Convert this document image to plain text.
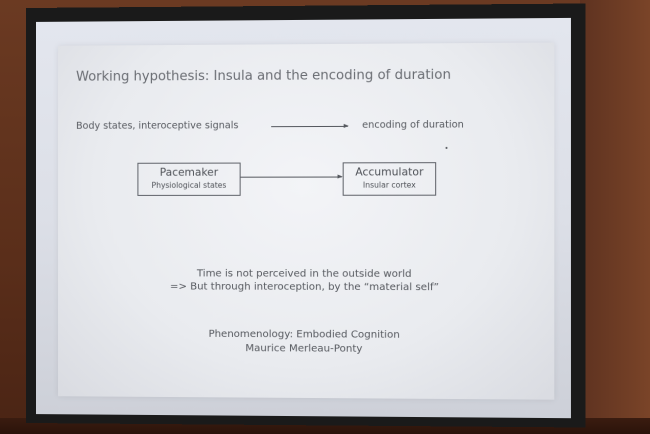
Working hypothesis: Insula and the encoding of duration
Body states, interoceptive signals	encoding of duration
Pacemaker
Physiological states
Accumulator
Insular cortex
Time is not perceived in the outside world
=> But through interoception, by the “material self”
Phenomenology: Embodied Cognition
Maurice Merleau-Ponty
